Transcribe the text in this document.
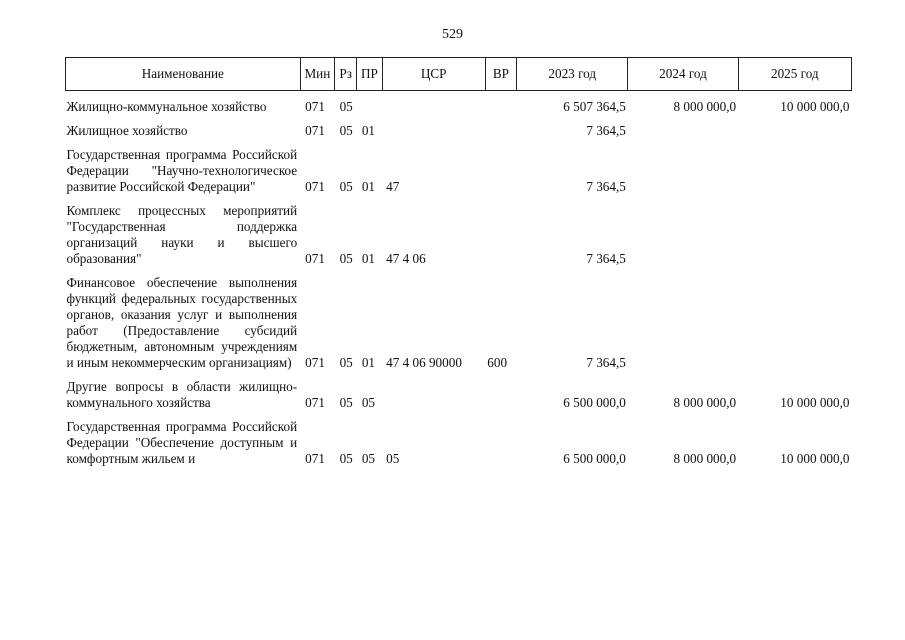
529
Наименование	Мин	Рз	ПР	ЦСР	ВР	2023 год	2024 год	2025 год

Жилищно-коммунальное хозяйство	071	05				6 507 364,5	8 000 000,0	10 000 000,0

Жилищное хозяйство	071	05	01			7 364,5		

Государственная программа Российской Федерации "Научно-технологическое развитие Российской Федерации"	071	05	01	47		7 364,5		

Комплекс процессных мероприятий "Государственная поддержка организаций науки и высшего образования"	071	05	01	47 4 06		7 364,5		

Финансовое обеспечение выполнения функций федеральных государственных органов, оказания услуг и выполнения работ (Предоставление субсидий бюджетным, автономным учреждениям и иным некоммерческим организациям)	071	05	01	47 4 06 90000	600	7 364,5		

Другие вопросы в области жилищно-коммунального хозяйства	071	05	05			6 500 000,0	8 000 000,0	10 000 000,0

Государственная программа Российской Федерации "Обеспечение доступным и комфортным жильем и	071	05	05	05		6 500 000,0	8 000 000,0	10 000 000,0
